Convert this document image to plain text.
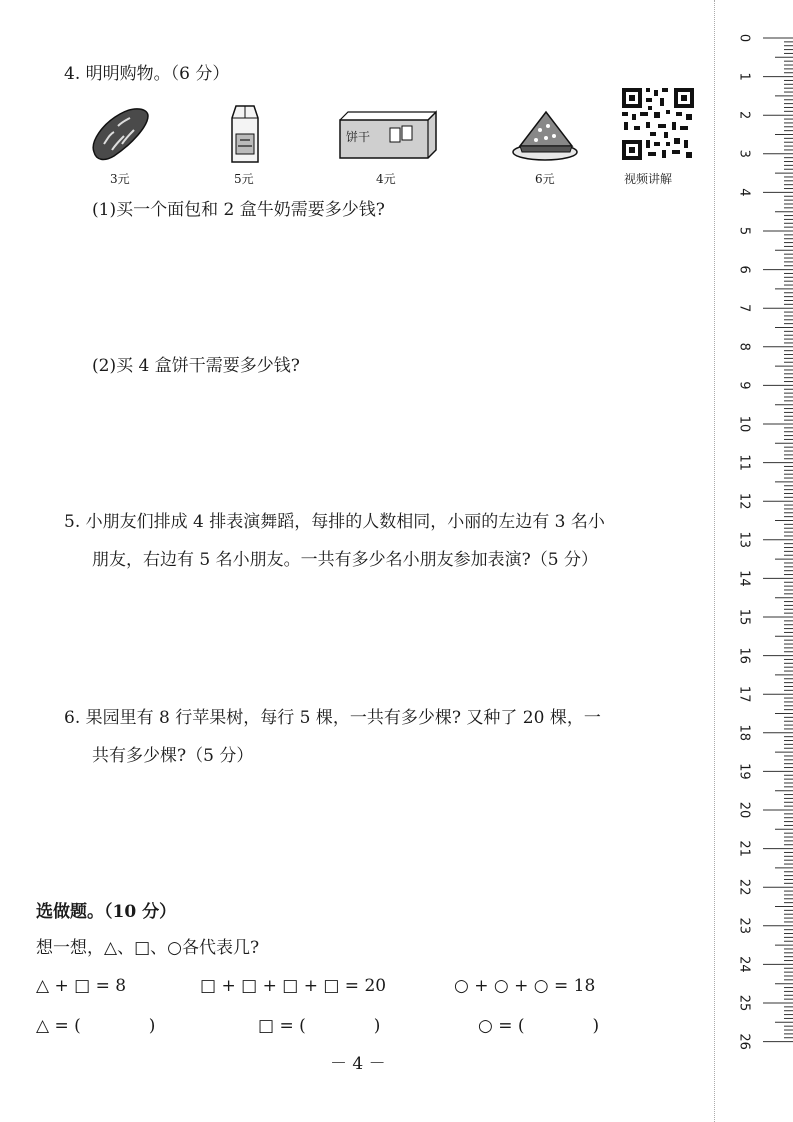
4. 明明购物。（6 分）
3元	5元
饼干
4元	6元	视频讲解
(1)买一个面包和 2 盒牛奶需要多少钱?
(2)买 4 盒饼干需要多少钱?
5. 小朋友们排成 4 排表演舞蹈，每排的人数相同，小丽的左边有 3 名小
朋友，右边有 5 名小朋友。一共有多少名小朋友参加表演?（5 分）
6. 果园里有 8 行苹果树，每行 5 棵，一共有多少棵? 又种了 20 棵，一
共有多少棵?（5 分）
选做题。（10 分）
想一想，△、□、○各代表几?
△ + □ = 8	□ + □ + □ + □ = 20	○ + ○ + ○ = 18
△ = (　　　　)	□ = (　　　　)	○ = (　　　　)
－ 4 －
0
1
2
3
4
5
6
7
8
9
10
11
12
13
14
15
16
17
18
19
20
21
22
23
24
25
26
